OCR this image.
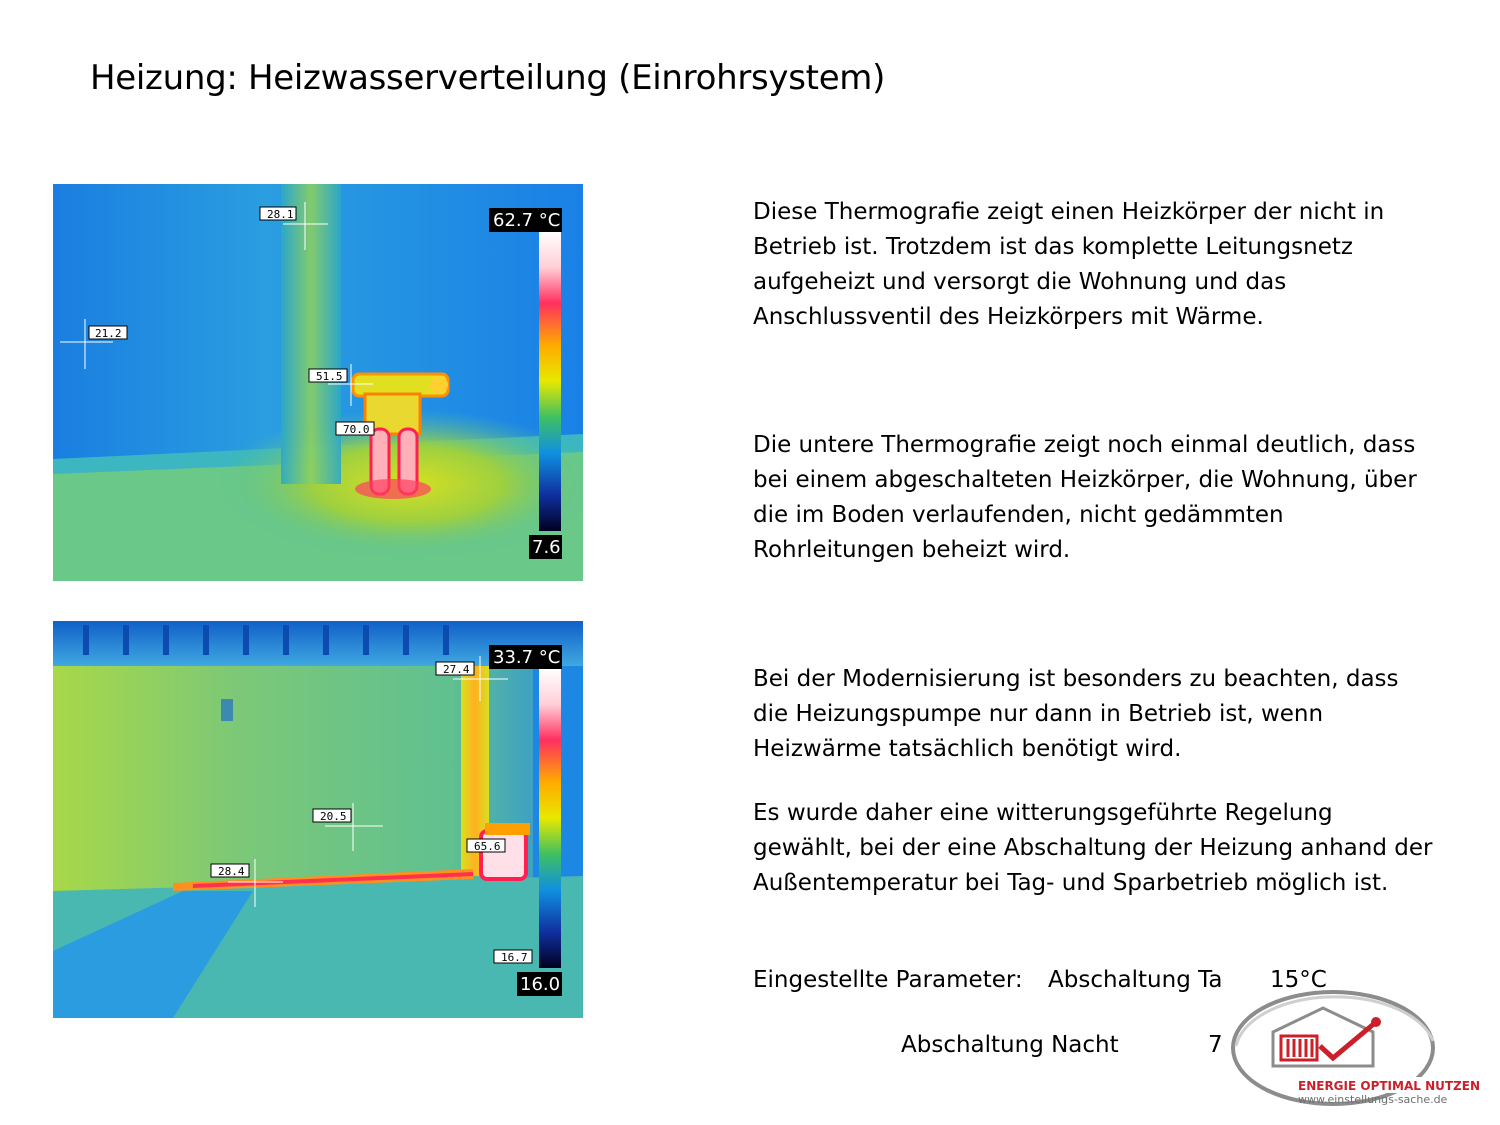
Heizung: Heizwasserverteilung (Einrohrsystem)
28.1
21.2
51.5
70.0
62.7 °C
7.6
27.4
20.5
65.6
28.4
16.7
33.7 °C
16.0
Diese Thermografie zeigt einen Heizkörper der nicht in Betrieb ist. Trotzdem ist das komplette Leitungsnetz aufgeheizt und versorgt die Wohnung und das Anschlussventil des Heizkörpers mit Wärme.
Die untere Thermografie zeigt noch einmal deutlich, dass bei einem abgeschalteten Heizkörper, die Wohnung, über die im Boden verlaufenden, nicht gedämmten Rohrleitungen beheizt wird.
Bei der Modernisierung ist besonders zu beachten, dass die Heizungspumpe nur dann in Betrieb ist, wenn Heizwärme tatsächlich benötigt wird.
Es wurde daher eine witterungsgeführte Regelung gewählt, bei der eine Abschaltung der Heizung anhand der Außentemperatur bei Tag- und Sparbetrieb möglich ist.
Eingestellte Parameter: Abschaltung Ta 15°C
Abschaltung Nacht	7
ENERGIE OPTIMAL NUTZEN
www.einstellungs-sache.de
